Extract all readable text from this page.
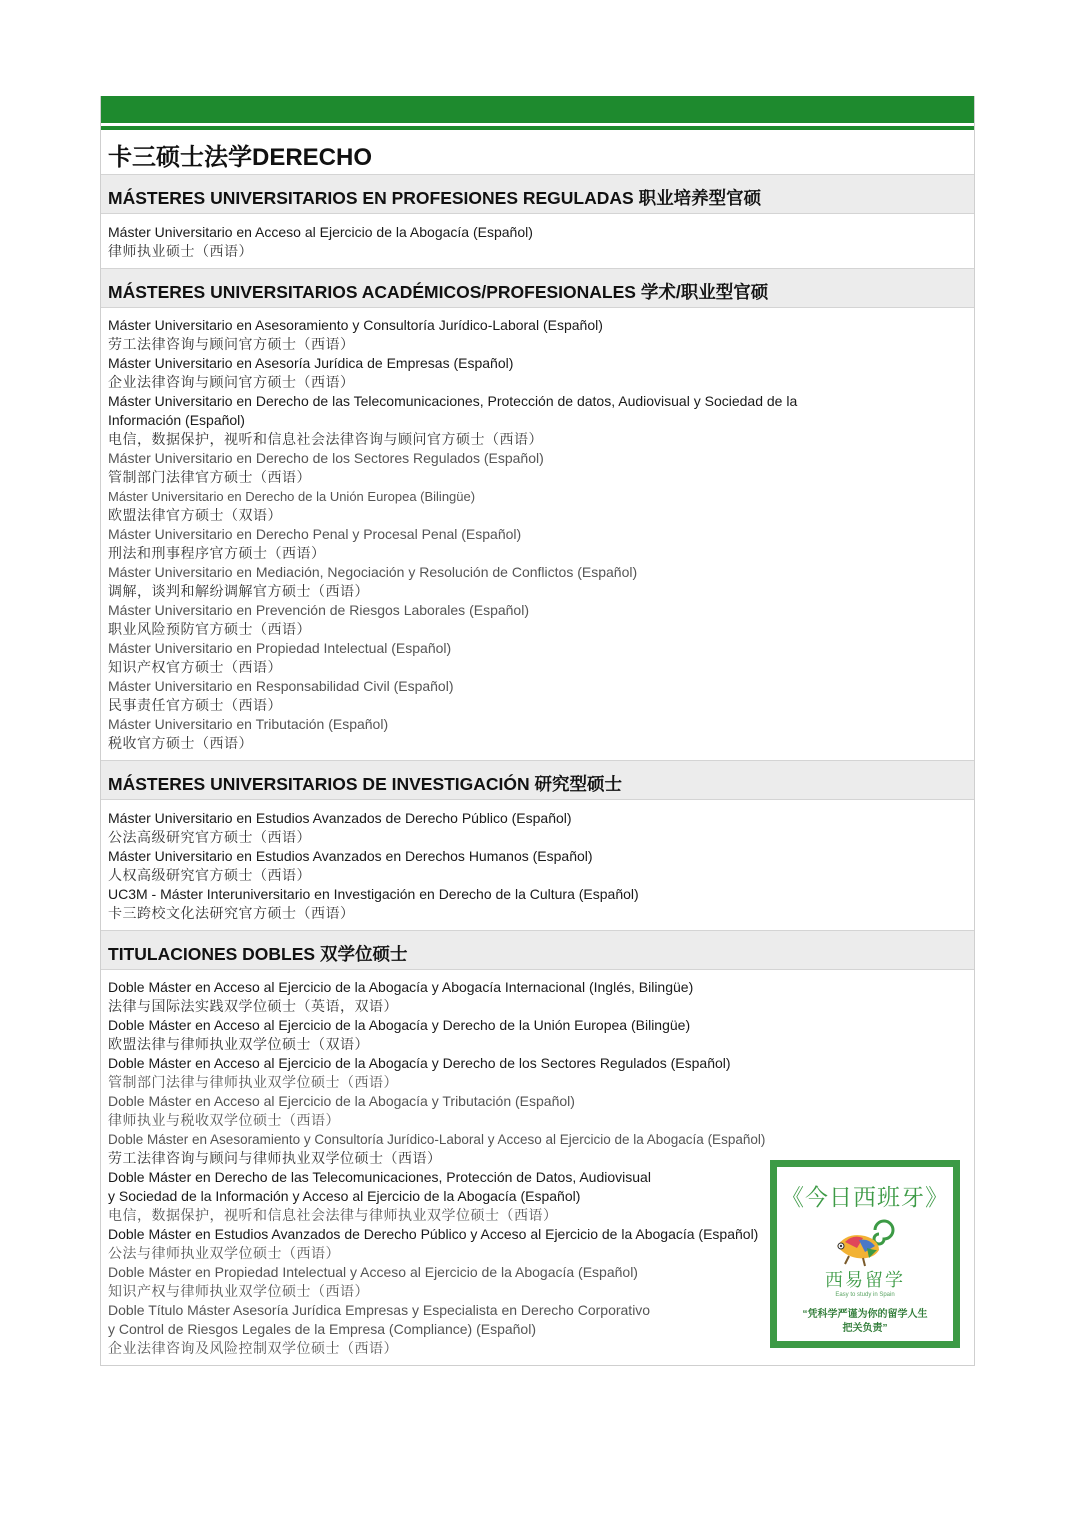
卡三硕士法学DERECHO
MÁSTERES UNIVERSITARIOS EN PROFESIONES REGULADAS 职业培养型官硕
Máster Universitario en Acceso al Ejercicio de la Abogacía (Español)
律师执业硕士（西语）
MÁSTERES UNIVERSITARIOS ACADÉMICOS/PROFESIONALES 学术/职业型官硕
Máster Universitario en Asesoramiento y Consultoría Jurídico-Laboral (Español)
劳工法律咨询与顾问官方硕士（西语）
Máster Universitario en Asesoría Jurídica de Empresas (Español)
企业法律咨询与顾问官方硕士（西语）
Máster Universitario en Derecho de las Telecomunicaciones, Protección de datos, Audiovisual y Sociedad de la
Información (Español)
电信，数据保护，视听和信息社会法律咨询与顾问官方硕士（西语）
Máster Universitario en Derecho de los Sectores Regulados (Español)
管制部门法律官方硕士（西语）
Máster Universitario en Derecho de la Unión Europea (Bilingüe)
欧盟法律官方硕士（双语）
Máster Universitario en Derecho Penal y Procesal Penal (Español)
刑法和刑事程序官方硕士（西语）
Máster Universitario en Mediación, Negociación y Resolución de Conflictos (Español)
调解，谈判和解纷调解官方硕士（西语）
Máster Universitario en Prevención de Riesgos Laborales (Español)
职业风险预防官方硕士（西语）
Máster Universitario en Propiedad Intelectual (Español)
知识产权官方硕士（西语）
Máster Universitario en Responsabilidad Civil (Español)
民事责任官方硕士（西语）
Máster Universitario en Tributación (Español)
税收官方硕士（西语）
MÁSTERES UNIVERSITARIOS DE INVESTIGACIÓN 研究型硕士
Máster Universitario en Estudios Avanzados de Derecho Público (Español)
公法高级研究官方硕士（西语）
Máster Universitario en Estudios Avanzados en Derechos Humanos (Español)
人权高级研究官方硕士（西语）
UC3M - Máster Interuniversitario en Investigación en Derecho de la Cultura (Español)
卡三跨校文化法研究官方硕士（西语）
TITULACIONES DOBLES 双学位硕士
Doble Máster en Acceso al Ejercicio de la Abogacía y Abogacía Internacional (Inglés, Bilingüe)
法律与国际法实践双学位硕士（英语，双语）
Doble Máster en Acceso al Ejercicio de la Abogacía y Derecho de la Unión Europea (Bilingüe)
欧盟法律与律师执业双学位硕士（双语）
Doble Máster en Acceso al Ejercicio de la Abogacía y Derecho de los Sectores Regulados (Español)
管制部门法律与律师执业双学位硕士（西语）
Doble Máster en Acceso al Ejercicio de la Abogacía y Tributación (Español)
律师执业与税收双学位硕士（西语）
Doble Máster en Asesoramiento y Consultoría Jurídico-Laboral y Acceso al Ejercicio de la Abogacía (Español)
劳工法律咨询与顾问与律师执业双学位硕士（西语）
Doble Máster en Derecho de las Telecomunicaciones, Protección de Datos, Audiovisual
y Sociedad de la Información y Acceso al Ejercicio de la Abogacía (Español)
电信，数据保护，视听和信息社会法律与律师执业双学位硕士（西语）
Doble Máster en Estudios Avanzados de Derecho Público y Acceso al Ejercicio de la Abogacía (Español)
公法与律师执业双学位硕士（西语）
Doble Máster en Propiedad Intelectual y Acceso al Ejercicio de la Abogacía (Español)
知识产权与律师执业双学位硕士（西语）
Doble Título Máster Asesoría Jurídica Empresas y Especialista en Derecho Corporativo
y Control de Riesgos Legales de la Empresa (Compliance) (Español)
企业法律咨询及风险控制双学位硕士（西语）
《今日西班牙》
西易留学
Easy to study in Spain
“凭科学严谨为你的留学人生
把关负责”
